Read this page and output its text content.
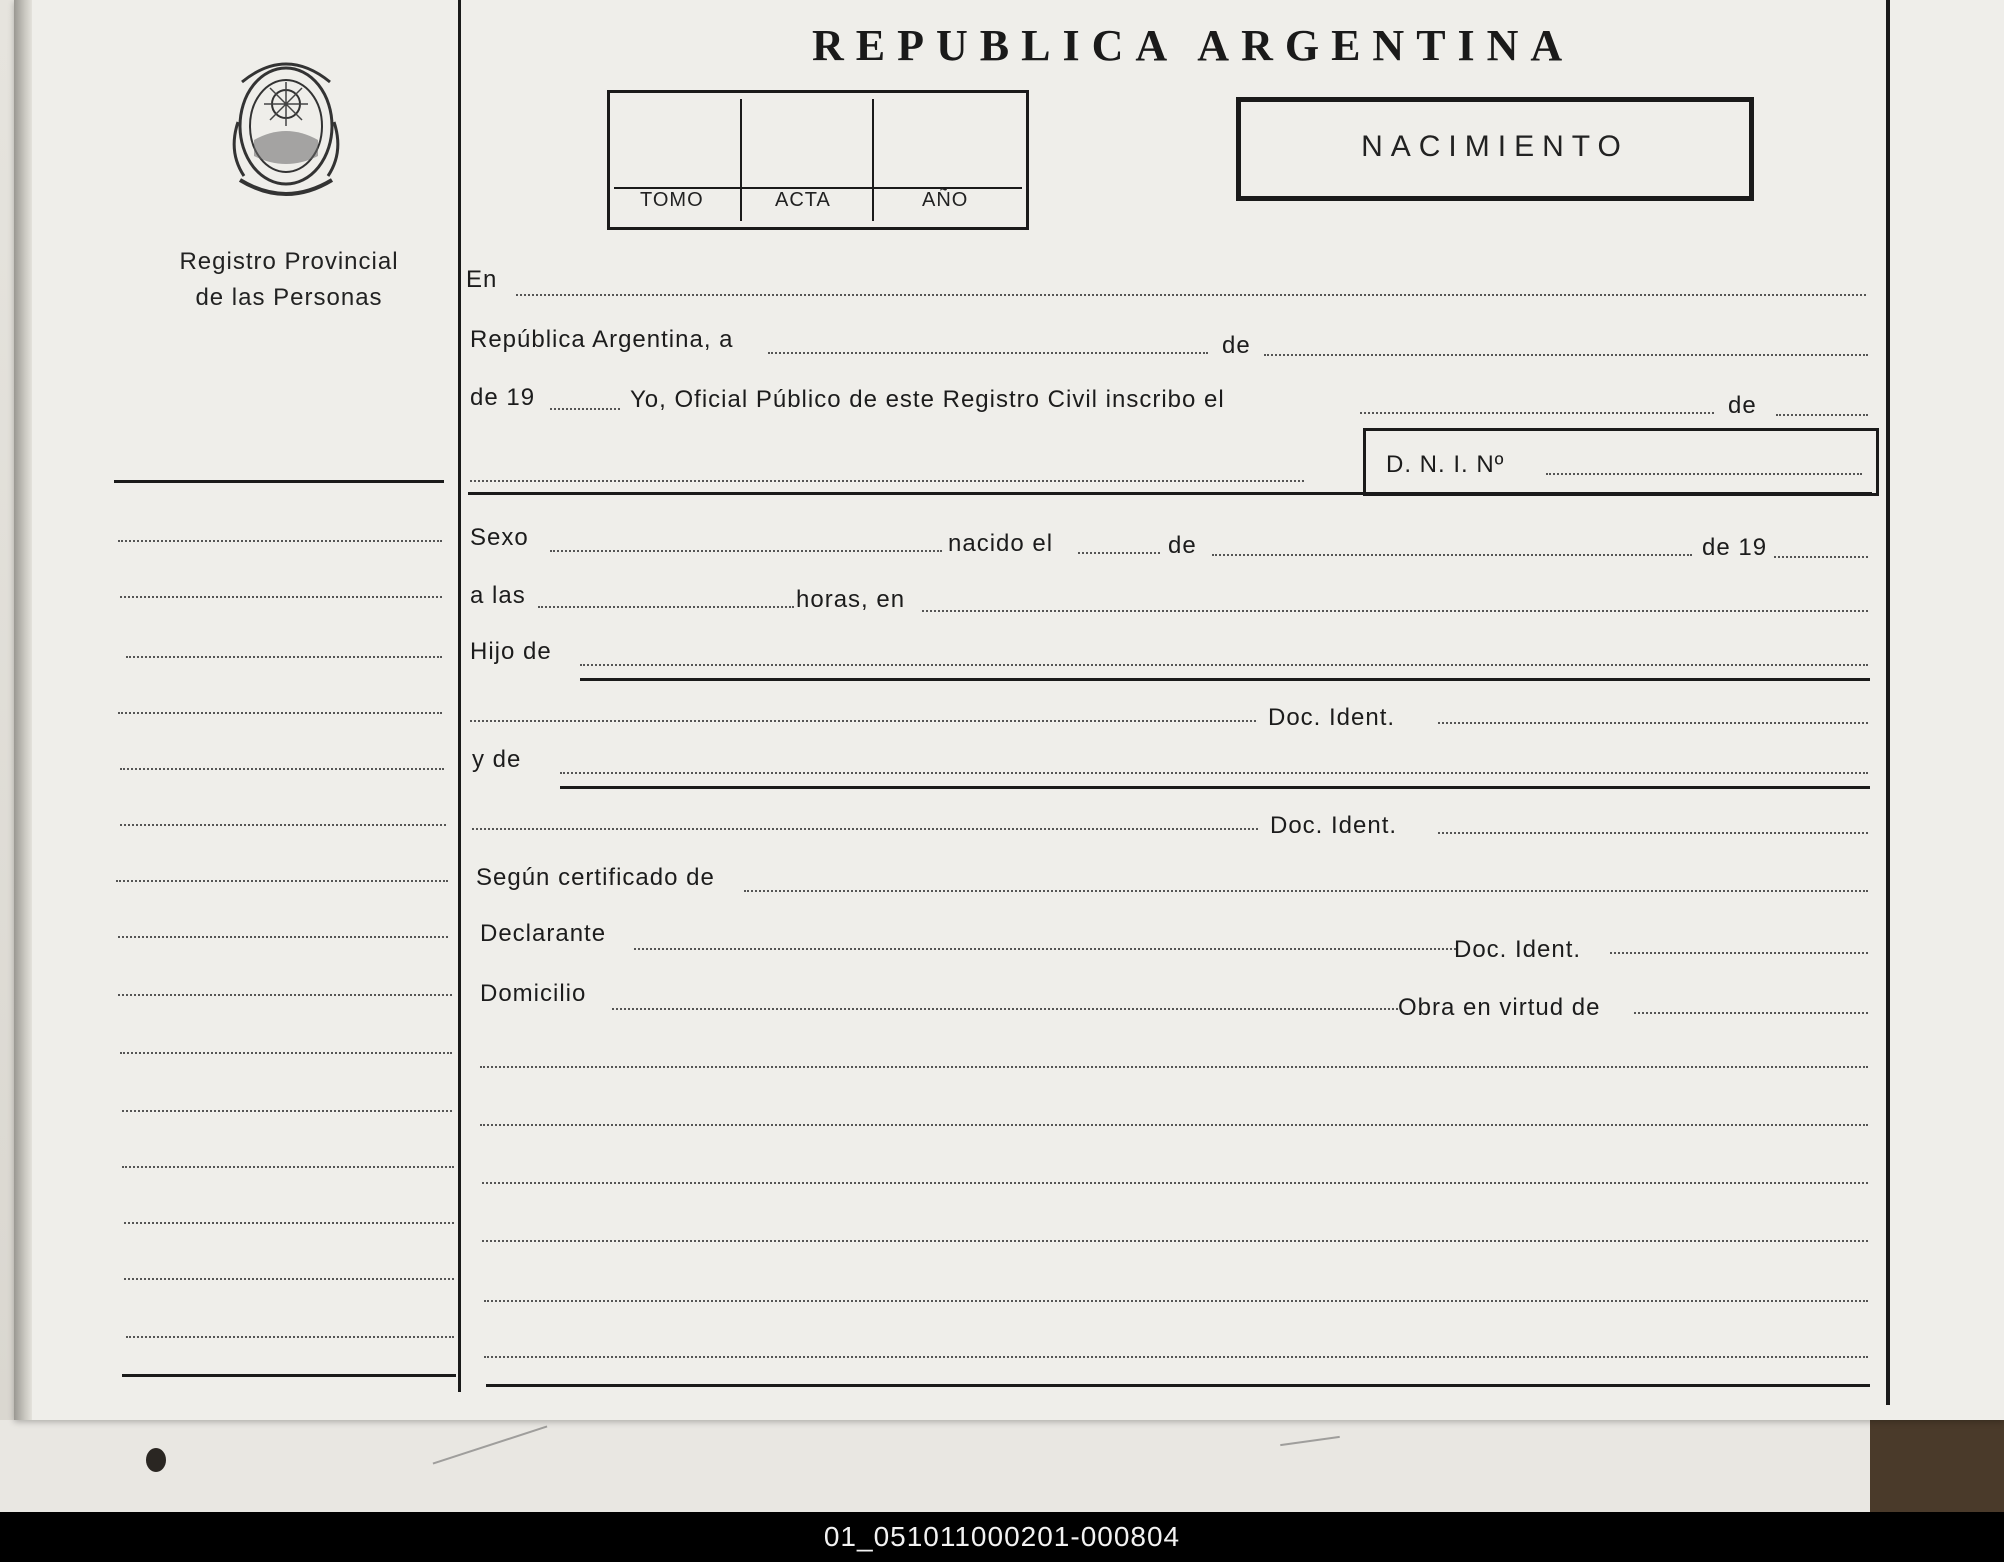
Registro Provincial
de las Personas
REPUBLICA ARGENTINA
TOMO	ACTA	AÑO
NACIMIENTO
En
República Argentina, a	de
de 19	Yo, Oficial Público de este Registro Civil inscribo el	de
D. N. I. Nº
Sexo	nacido el	de	de 19
a las	horas, en
Hijo de
Doc. Ident.
y de
Doc. Ident.
Según certificado de
Declarante
Doc. Ident.
Domicilio
Obra en virtud de
01_051011000201-000804
